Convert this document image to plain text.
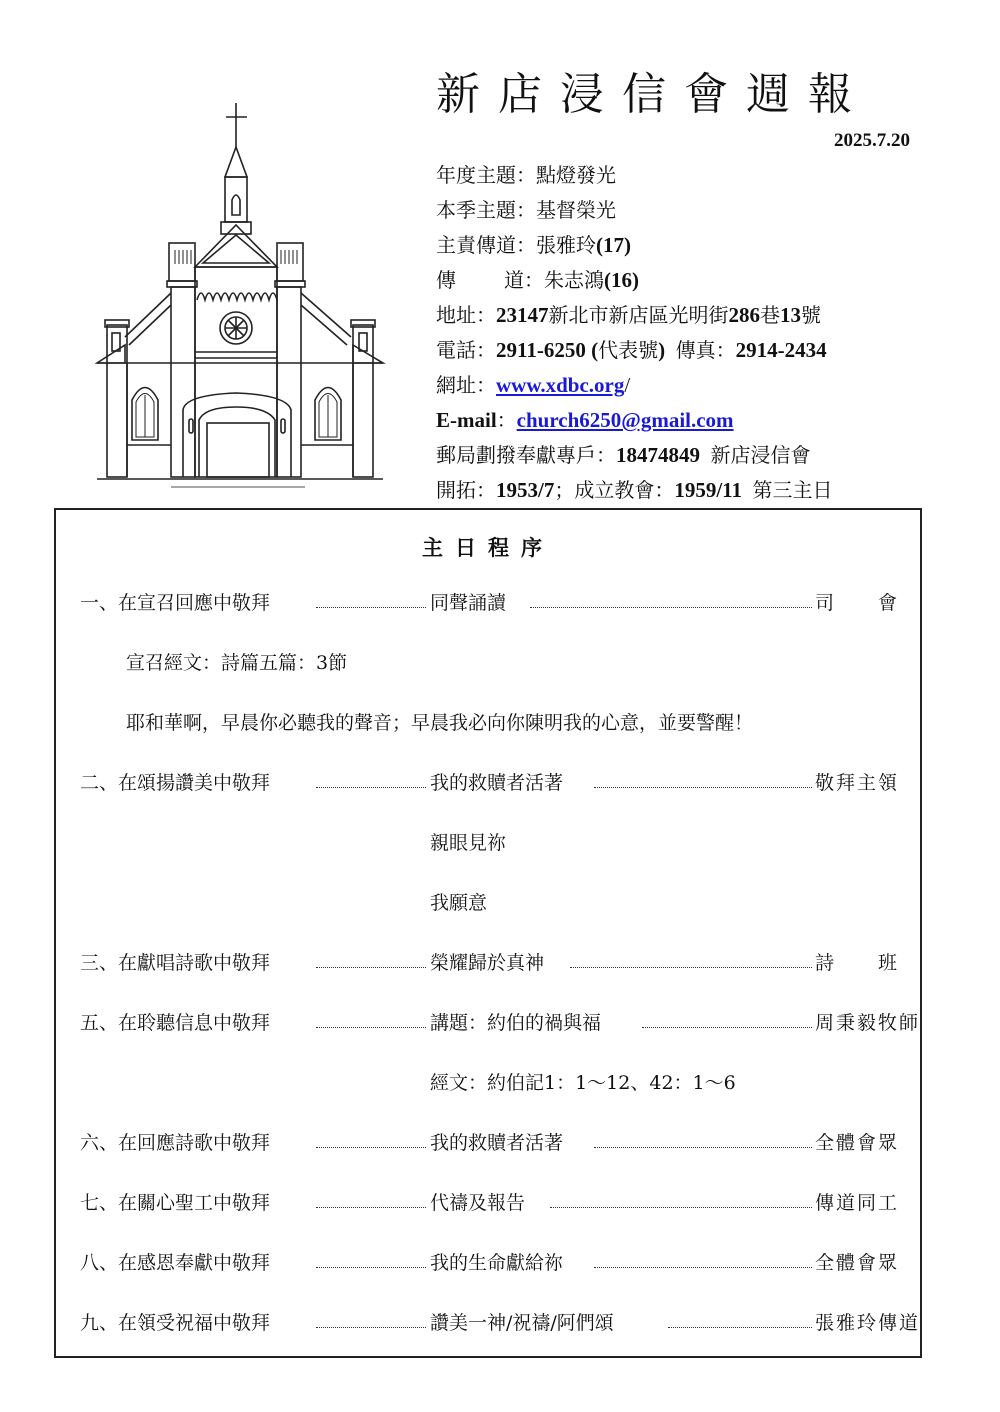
新店浸信會週報
2025.7.20
年度主題：點燈發光
本季主題：基督榮光
主責傳道：張雅玲(17)
傳 道：朱志鴻(16)
地址：23147新北市新店區光明街286巷13號
電話：2911-6250 (代表號) 傳真：2914-2434
網址：www.xdbc.org/
E-mail：church6250@gmail.com
郵局劃撥奉獻專戶：18474849 新店浸信會
開拓：1953/7；成立教會：1959/11 第三主日
主日程序
一、在宣召回應中敬拜	同聲誦讀	司　　會
宣召經文：詩篇五篇：3節
耶和華啊，早晨你必聽我的聲音；早晨我必向你陳明我的心意，並要警醒！
二、在頌揚讚美中敬拜	我的救贖者活著	敬拜主領
親眼見祢
我願意
三、在獻唱詩歌中敬拜	榮耀歸於真神	詩　　班
五、在聆聽信息中敬拜	講題：約伯的禍與福	周秉毅牧師
經文：約伯記1：1～12、42：1～6
六、在回應詩歌中敬拜	我的救贖者活著	全體會眾
七、在關心聖工中敬拜	代禱及報告	傳道同工
八、在感恩奉獻中敬拜	我的生命獻給祢	全體會眾
九、在領受祝福中敬拜	讚美一神/祝禱/阿們頌	張雅玲傳道
